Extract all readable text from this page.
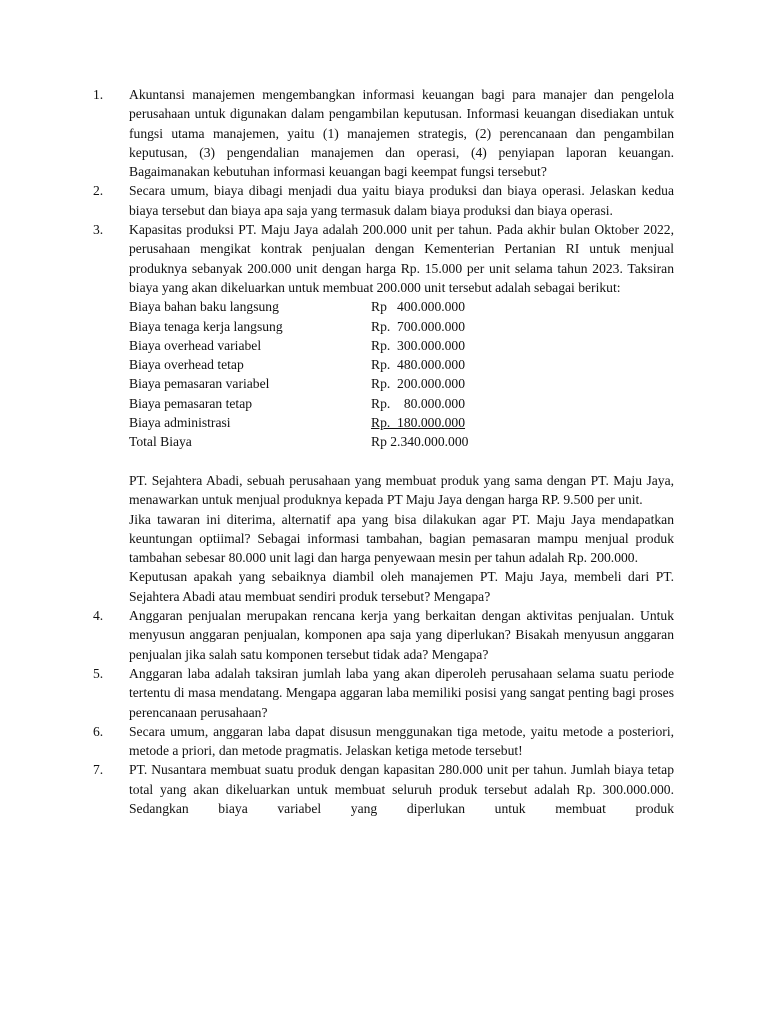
1. Akuntansi manajemen mengembangkan informasi keuangan bagi para manajer dan pengelola perusahaan untuk digunakan dalam pengambilan keputusan. Informasi keuangan disediakan untuk fungsi utama manajemen, yaitu (1) manajemen strategis, (2) perencanaan dan pengambilan keputusan, (3) pengendalian manajemen dan operasi, (4) penyiapan laporan keuangan. Bagaimanakan kebutuhan informasi keuangan bagi keempat fungsi tersebut?

2. Secara umum, biaya dibagi menjadi dua yaitu biaya produksi dan biaya operasi. Jelaskan kedua biaya tersebut dan biaya apa saja yang termasuk dalam biaya produksi dan biaya operasi.

3. Kapasitas produksi PT. Maju Jaya adalah 200.000 unit per tahun. Pada akhir bulan Oktober 2022, perusahaan mengikat kontrak penjualan dengan Kementerian Pertanian RI untuk menjual produknya sebanyak 200.000 unit dengan harga Rp. 15.000 per unit selama tahun 2023. Taksiran biaya yang akan dikeluarkan untuk membuat 200.000 unit tersebut adalah sebagai berikut:

Biaya bahan baku langsung	Rp   400.000.000
Biaya tenaga kerja langsung	Rp.  700.000.000
Biaya overhead variabel	Rp.  300.000.000
Biaya overhead tetap	Rp.  480.000.000
Biaya pemasaran variabel	Rp.  200.000.000
Biaya pemasaran tetap	Rp.    80.000.000
Biaya administrasi	Rp.  180.000.000
Total Biaya	Rp 2.340.000.000

PT. Sejahtera Abadi, sebuah perusahaan yang membuat produk yang sama dengan PT. Maju Jaya, menawarkan untuk menjual produknya kepada PT Maju Jaya dengan harga RP. 9.500 per unit.

Jika tawaran ini diterima, alternatif apa yang bisa dilakukan agar PT. Maju Jaya mendapatkan keuntungan optiimal? Sebagai informasi tambahan, bagian pemasaran mampu menjual produk tambahan sebesar 80.000 unit lagi dan harga penyewaan mesin per tahun adalah Rp. 200.000.

Keputusan apakah yang sebaiknya diambil oleh manajemen PT. Maju Jaya, membeli dari PT. Sejahtera Abadi atau membuat sendiri produk tersebut? Mengapa?

4. Anggaran penjualan merupakan rencana kerja yang berkaitan dengan aktivitas penjualan. Untuk menyusun anggaran penjualan, komponen apa saja yang diperlukan? Bisakah menyusun anggaran penjualan jika salah satu komponen tersebut tidak ada? Mengapa?

5. Anggaran laba adalah taksiran jumlah laba yang akan diperoleh perusahaan selama suatu periode tertentu di masa mendatang. Mengapa aggaran laba memiliki posisi yang sangat penting bagi proses perencanaan perusahaan?

6. Secara umum, anggaran laba dapat disusun menggunakan tiga metode, yaitu metode a posteriori, metode a priori, dan metode pragmatis. Jelaskan ketiga metode tersebut!

7. PT. Nusantara membuat suatu produk dengan kapasitan 280.000 unit per tahun. Jumlah biaya tetap total yang akan dikeluarkan untuk membuat seluruh produk tersebut adalah Rp. 300.000.000. Sedangkan biaya variabel yang diperlukan untuk membuat produk
